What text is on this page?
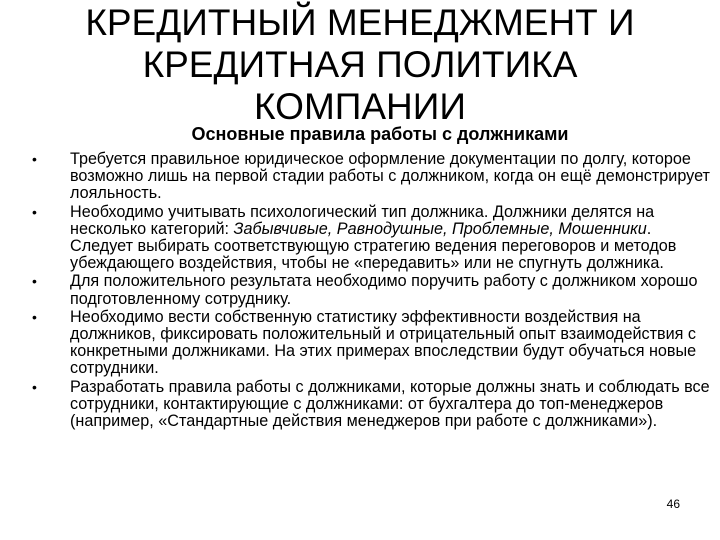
КРЕДИТНЫЙ МЕНЕДЖМЕНТ И
КРЕДИТНАЯ ПОЛИТИКА
КОМПАНИИ
Основные правила работы с должниками
• Требуется правильное юридическое оформление документации по долгу, которое возможно лишь на первой стадии работы с должником, когда он ещё демонстрирует лояльность.
• Необходимо учитывать психологический тип должника. Должники делятся на несколько категорий: Забывчивые, Равнодушные, Проблемные, Мошенники. Следует выбирать соответствующую стратегию ведения переговоров и методов убеждающего воздействия, чтобы не «передавить» или не спугнуть должника.
• Для положительного результата необходимо поручить работу с должником хорошо подготовленному сотруднику.
• Необходимо вести собственную статистику эффективности воздействия на должников, фиксировать положительный и отрицательный опыт взаимодействия с конкретными должниками. На этих примерах впоследствии будут обучаться новые сотрудники.
• Разработать правила работы с должниками, которые должны знать и соблюдать все сотрудники, контактирующие с должниками: от бухгалтера до топ-менеджеров (например, «Стандартные действия менеджеров при работе с должниками»).
46
